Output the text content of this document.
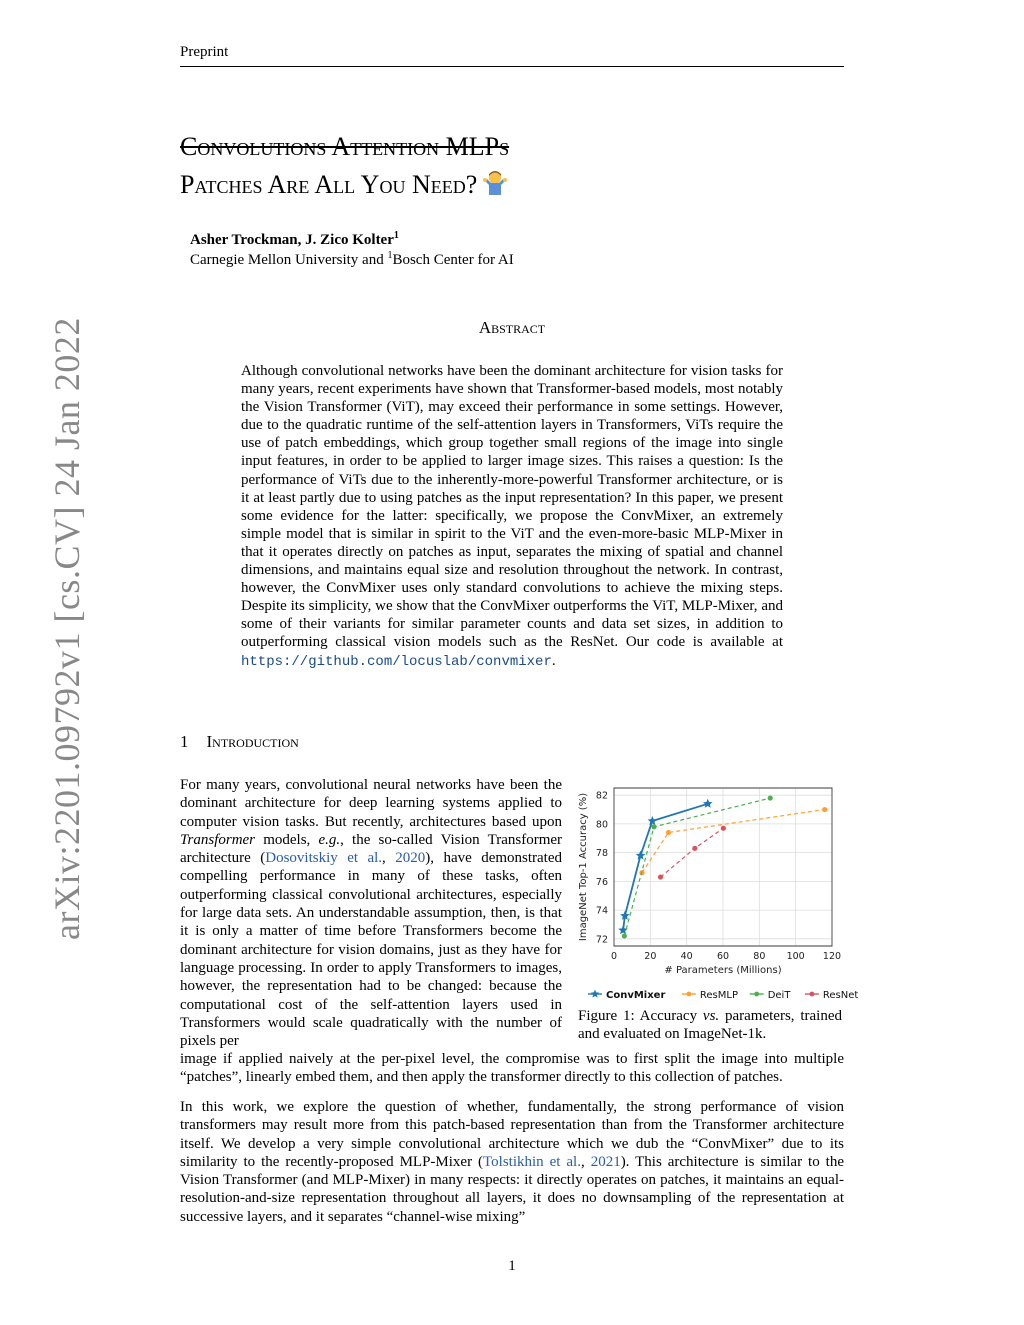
Preprint
arXiv:2201.09792v1 [cs.CV] 24 Jan 2022
Convolutions Attention MLPs
Patches Are All You Need?
Asher Trockman, J. Zico Kolter$^1$
Carnegie Mellon University and $^1$Bosch Center for AI
Abstract
Although convolutional networks have been the dominant architecture for vision tasks for many years, recent experiments have shown that Transformer-based models, most notably the Vision Transformer (ViT), may exceed their performance in some settings. However, due to the quadratic runtime of the self-attention layers in Transformers, ViTs require the use of patch embeddings, which group together small regions of the image into single input features, in order to be applied to larger image sizes. This raises a question: Is the performance of ViTs due to the inherently-more-powerful Transformer architecture, or is it at least partly due to using patches as the input representation? In this paper, we present some evidence for the latter: specifically, we propose the ConvMixer, an extremely simple model that is similar in spirit to the ViT and the even-more-basic MLP-Mixer in that it operates directly on patches as input, separates the mixing of spatial and channel dimensions, and maintains equal size and resolution throughout the network. In contrast, however, the ConvMixer uses only standard convolutions to achieve the mixing steps. Despite its simplicity, we show that the ConvMixer outperforms the ViT, MLP-Mixer, and some of their variants for similar parameter counts and data set sizes, in addition to outperforming classical vision models such as the ResNet. Our code is available at https://github.com/locuslab/convmixer.
1 Introduction
For many years, convolutional neural networks have been the dominant architecture for deep learning systems applied to computer vision tasks. But recently, architectures based upon Transformer models, e.g., the so-called Vision Transformer architecture (Dosovitskiy et al., 2020), have demonstrated compelling performance in many of these tasks, often outperforming classical convolutional architectures, especially for large data sets. An understandable assumption, then, is that it is only a matter of time before Transformers become the dominant architecture for vision domains, just as they have for language processing. In order to apply Transformers to images, however, the representation had to be changed: because the computational cost of the self-attention layers used in Transformers would scale quadratically with the number of pixels per
image if applied naively at the per-pixel level, the compromise was to first split the image into multiple “patches”, linearly embed them, and then apply the transformer directly to this collection of patches.
In this work, we explore the question of whether, fundamentally, the strong performance of vision transformers may result more from this patch-based representation than from the Transformer architecture itself. We develop a very simple convolutional architecture which we dub the “ConvMixer” due to its similarity to the recently-proposed MLP-Mixer (Tolstikhin et al., 2021). This architecture is similar to the Vision Transformer (and MLP-Mixer) in many respects: it directly operates on patches, it maintains an equal-resolution-and-size representation throughout all layers, it does no downsampling of the representation at successive layers, and it separates “channel-wise mixing”
0	20	40	60	80 100 120
72
74
76
78
80
82
# Parameters (Millions)
ImageNet Top-1 Accuracy (%)
ConvMixer	ResMLP	DeiT	ResNet
Figure 1: Accuracy vs. parameters, trained and evaluated on ImageNet-1k.
1
